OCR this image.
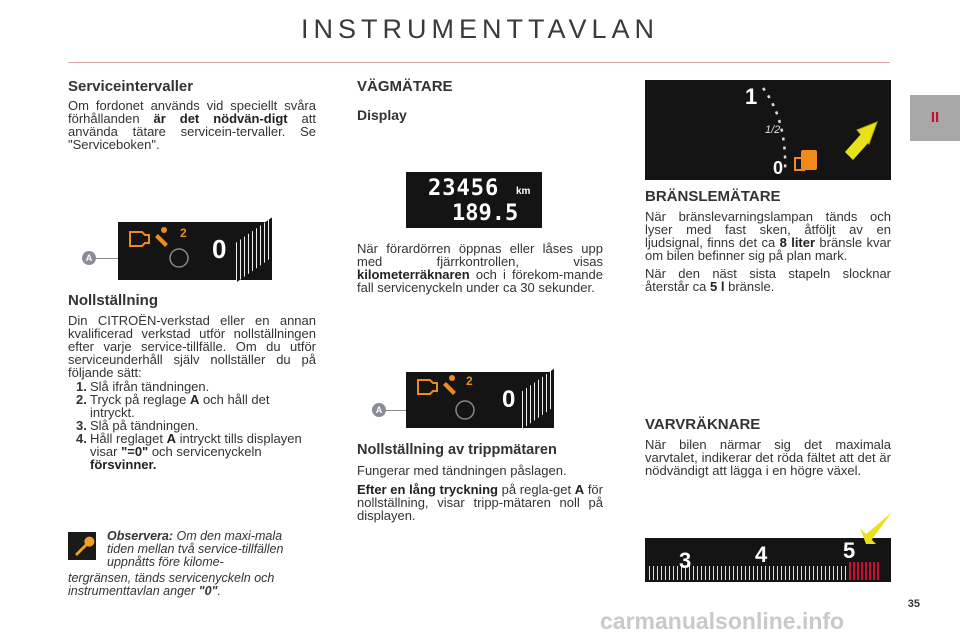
INSTRUMENTTAVLAN
II
Serviceintervaller
Om fordonet används vid speciellt svåra förhållanden är det nödvän-digt att använda tätare servicein-tervaller. Se "Serviceboken".
A
2
0
Nollställning
Din CITROËN-verkstad eller en annan kvalificerad verkstad utför nollställningen efter varje service-tillfälle. Om du utför serviceunderhåll själv nollställer du på följande sätt:
1. Slå ifrån tändningen.
2. Tryck på reglage A och håll det intryckt.
3. Slå på tändningen.
4. Håll reglaget A intryckt tills displayen visar "=0" och servicenyckeln försvinner.
Observera: Om den maxi-mala tiden mellan två service-tillfällen uppnåtts före kilome-
tergränsen, tänds servicenyckeln och instrumenttavlan anger "0".
VÄGMÄTARE
Display
23456 km
189.5
När förardörren öppnas eller låses upp med fjärrkontrollen, visas kilometerräknaren och i förekom-mande fall servicenyckeln under ca 30 sekunder.
A
2
0
Nollställning av trippmätaren
Fungerar med tändningen påslagen.
Efter en lång tryckning på regla-get A för nollställning, visar tripp-mätaren noll på displayen.
1
1/2
0
BRÄNSLEMÄTARE
När bränslevarningslampan tänds och lyser med fast sken, åtföljt av en ljudsignal, finns det ca 8 liter bränsle kvar om bilen befinner sig på plan mark.
När den näst sista stapeln slocknar återstår ca 5 l bränsle.
VARVRÄKNARE
När bilen närmar sig det maximala varvtalet, indikerar det röda fältet att det är nödvändigt att lägga i en högre växel.
3	4	5
35
carmanualsonline.info
